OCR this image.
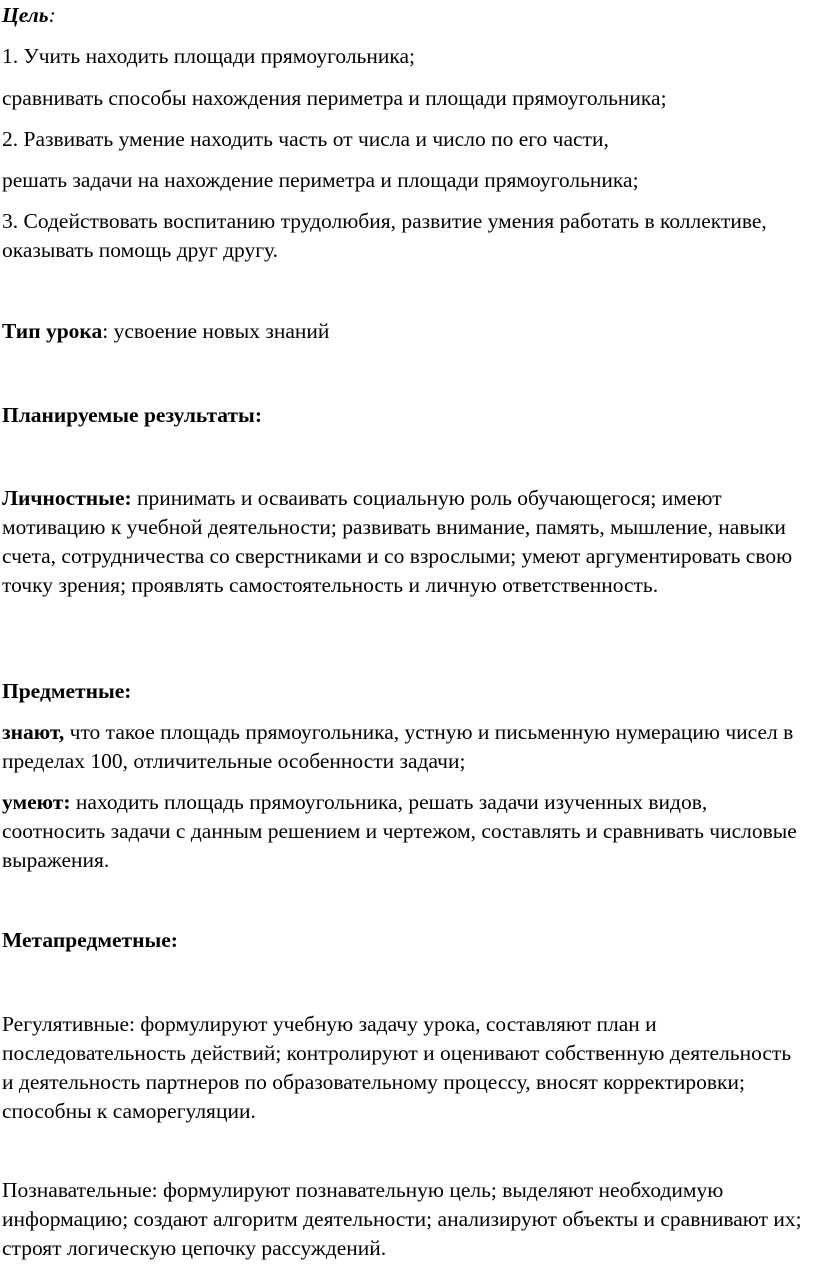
Цель:

1. Учить находить площади прямоугольника;

сравнивать способы нахождения периметра и площади прямоугольника;

2. Развивать умение находить часть от числа и число по его части,

решать задачи на нахождение периметра и площади прямоугольника;

3. Содействовать воспитанию трудолюбия, развитие умения работать в коллективе, оказывать помощь друг другу.

Тип урока: усвоение новых знаний

Планируемые результаты:

Личностные: принимать и осваивать социальную роль обучающегося; имеют мотивацию к учебной деятельности; развивать внимание, память, мышление, навыки счета, сотрудничества со сверстниками и со взрослыми; умеют аргументировать свою точку зрения; проявлять самостоятельность и личную ответственность.

Предметные:

знают, что такое площадь прямоугольника, устную и письменную нумерацию чисел в пределах 100, отличительные особенности задачи;

умеют: находить площадь прямоугольника, решать задачи изученных видов, соотносить задачи с данным решением и чертежом, составлять и сравнивать числовые выражения.

Метапредметные:

Регулятивные: формулируют учебную задачу урока, составляют план и последовательность действий; контролируют и оценивают собственную деятельность и деятельность партнеров по образовательному процессу, вносят корректировки; способны к саморегуляции.

Познавательные: формулируют познавательную цель; выделяют необходимую информацию; создают алгоритм деятельности; анализируют объекты и сравнивают их; строят логическую цепочку рассуждений.
